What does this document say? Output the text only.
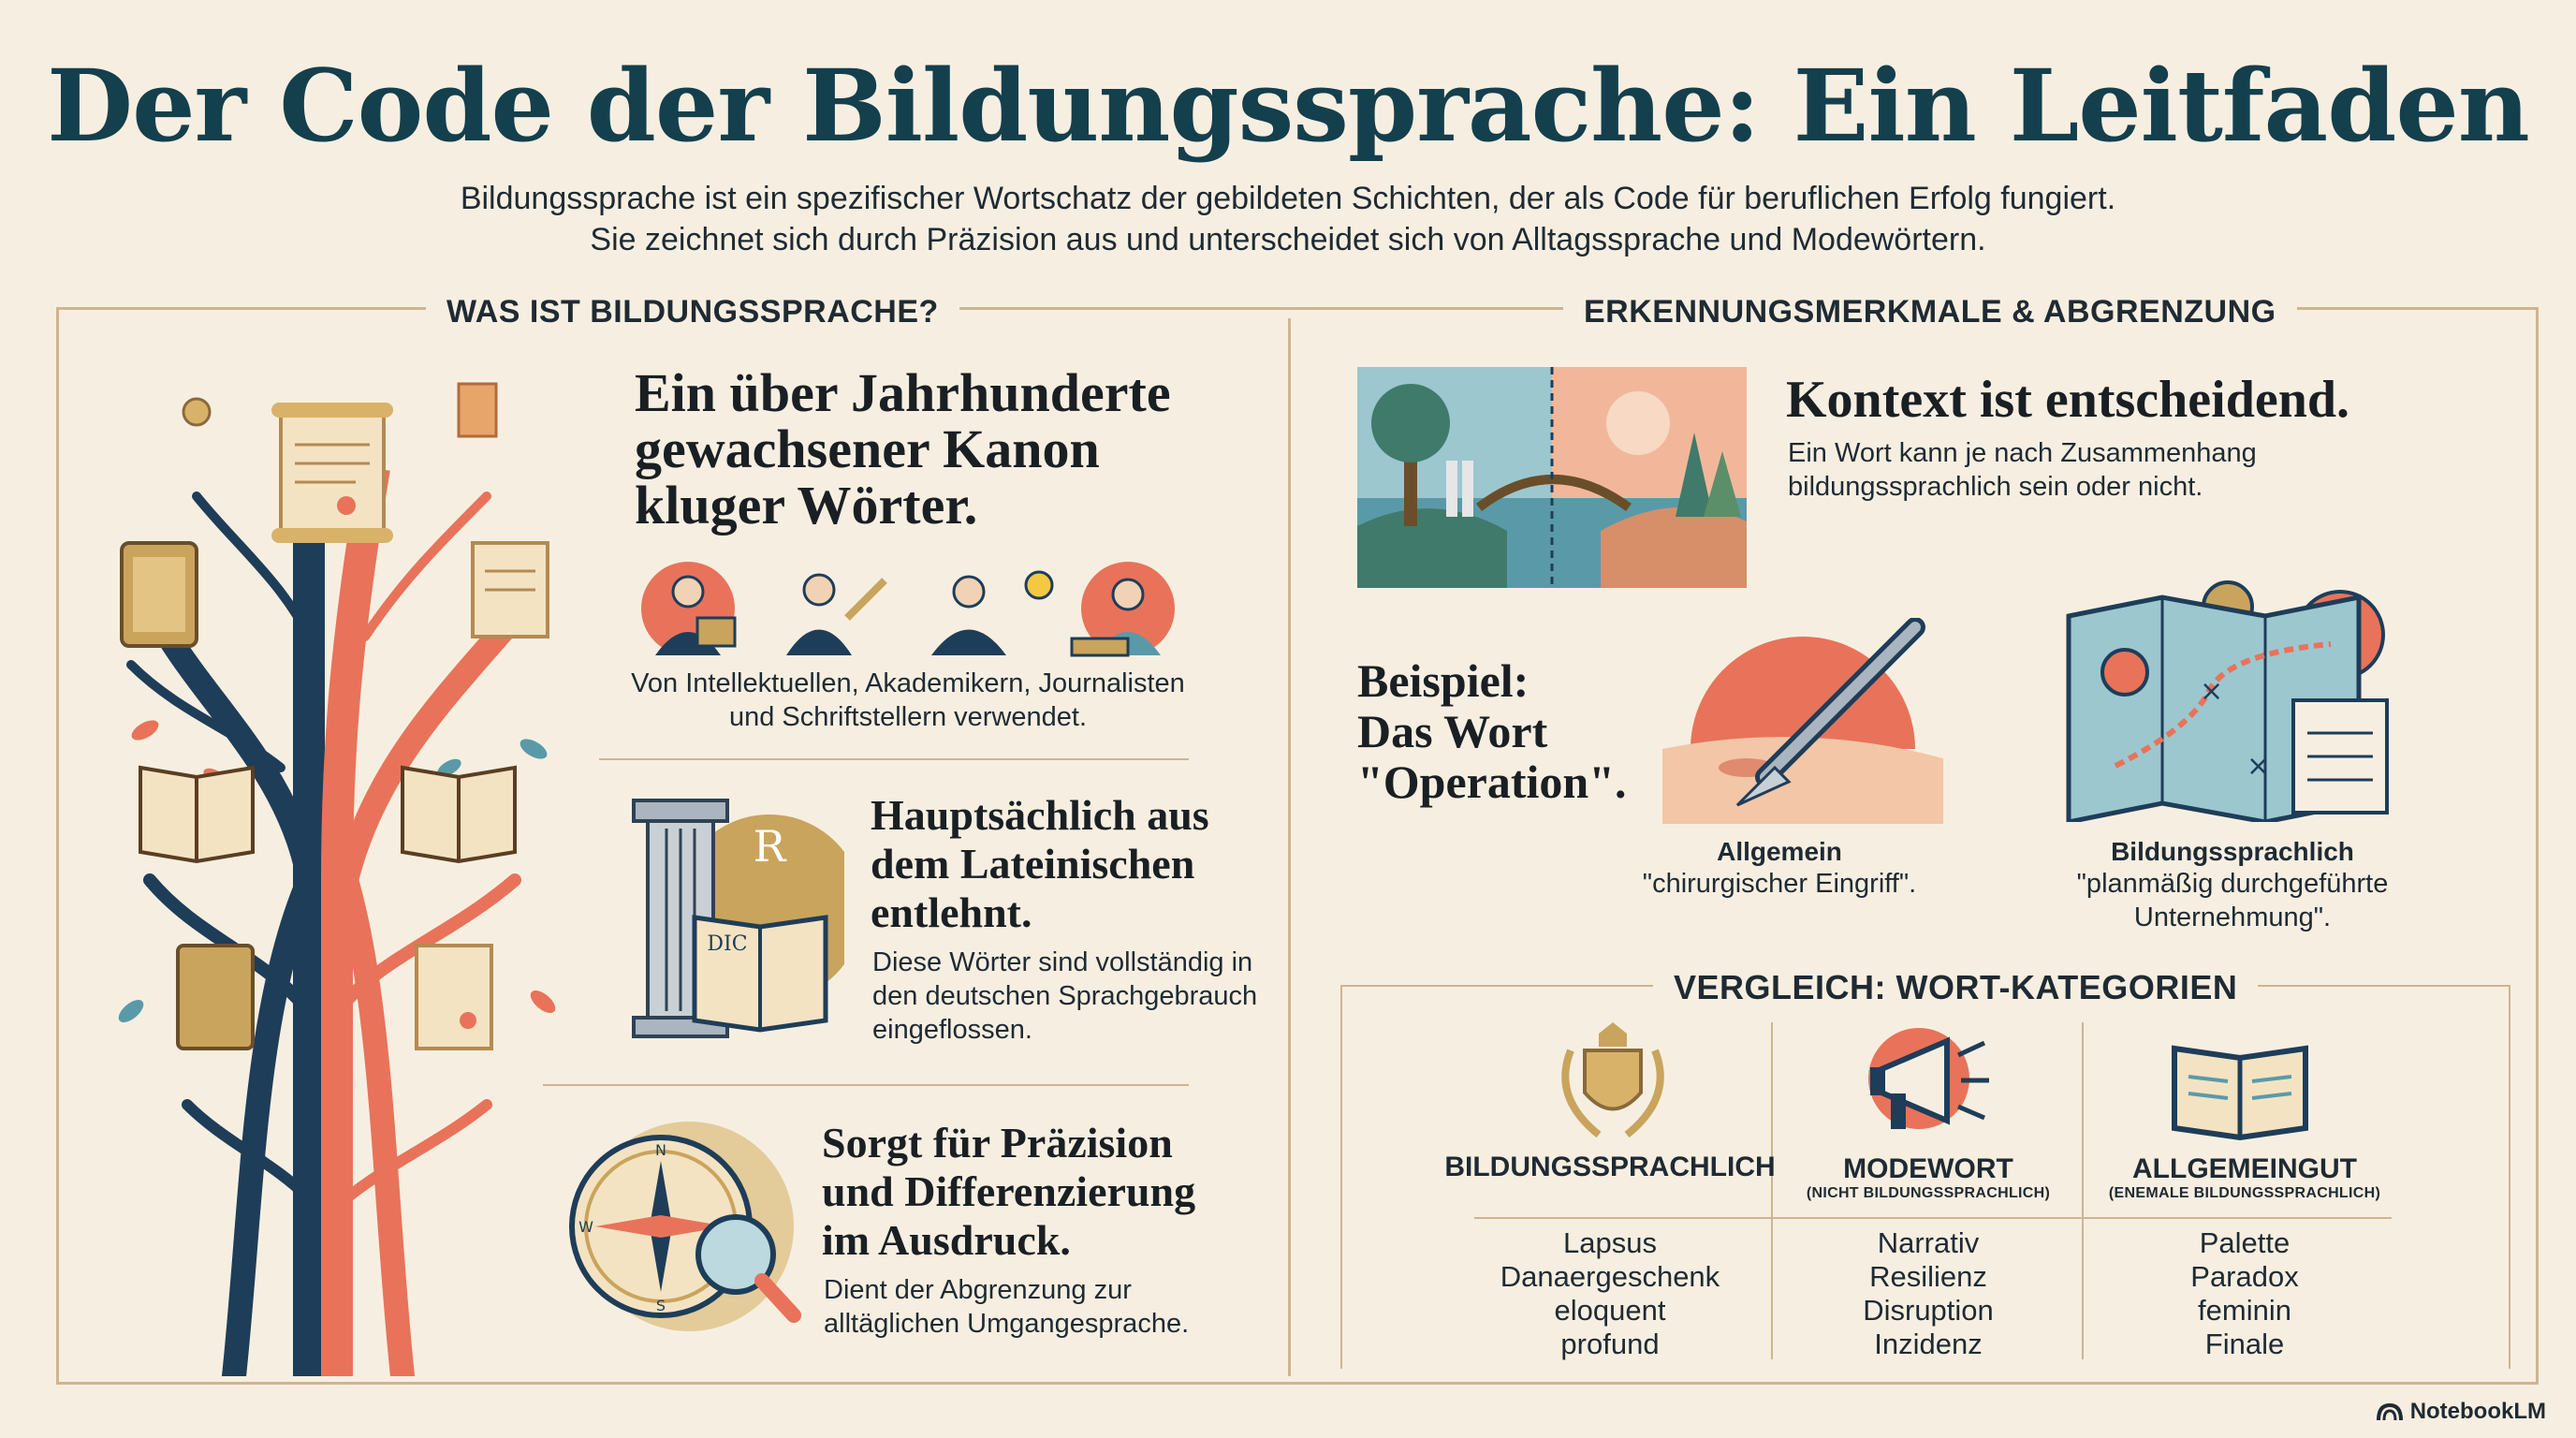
Der Code der Bildungssprache: Ein Leitfaden
Bildungssprache ist ein spezifischer Wortschatz der gebildeten Schichten, der als Code für beruflichen Erfolg fungiert.
Sie zeichnet sich durch Präzision aus und unterscheidet sich von Alltagssprache und Modewörtern.
WAS IST BILDUNGSSPRACHE?	ERKENNUNGSMERKMALE & ABGRENZUNG
Ein über Jahrhunderte
gewachsener Kanon
kluger Wörter.
Von Intellektuellen, Akademikern, Journalisten
und Schriftstellern verwendet.
R
DIC
Hauptsächlich aus
dem Lateinischen
entlehnt.
Diese Wörter sind vollständig in
den deutschen Sprachgebrauch
eingeflossen.
N
S
W
Sorgt für Präzision
und Differenzierung
im Ausdruck.
Dient der Abgrenzung zur
alltäglichen Umgangesprache.
Kontext ist entscheidend.
Ein Wort kann je nach Zusammenhang
bildungssprachlich sein oder nicht.
Beispiel:
Das Wort
"Operation".
Allgemein
"chirurgischer Eingriff".
×
×
Bildungssprachlich
"planmäßig durchgeführte
Unternehmung".
VERGLEICH: WORT-KATEGORIEN
BILDUNGSSPRACHLICH
Lapsus
Danaergeschenk
eloquent
profund
MODEWORT
(NICHT BILDUNGSSPRACHLICH)
Narrativ
Resilienz
Disruption
Inzidenz
ALLGEMEINGUT
(ENEMALE BILDUNGSSPRACHLICH)
Palette
Paradox
feminin
Finale
NotebookLM
